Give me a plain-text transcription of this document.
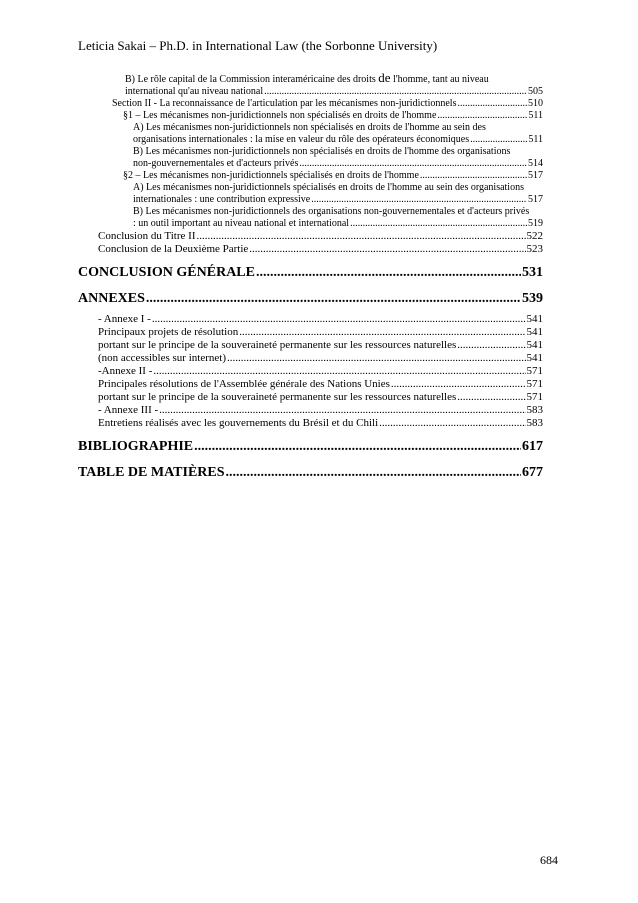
Leticia Sakai – Ph.D. in International Law (the Sorbonne University)
B) Le rôle capital de la Commission interaméricaine des droits de l'homme, tant au niveau
international qu'au niveau national .....	505
Section II - La reconnaissance de l'articulation par les mécanismes non-juridictionnels .....	510
§1 – Les mécanismes non-juridictionnels non spécialisés en droits de l'homme .....	511
A) Les mécanismes non-juridictionnels non spécialisés en droits de l'homme au sein des
organisations internationales : la mise en valeur du rôle des opérateurs économiques .....	511
B) Les mécanismes non-juridictionnels non spécialisés en droits de l'homme des organisations
non-gouvernementales et d'acteurs privés .....	514
§2 – Les mécanismes non-juridictionnels spécialisés en droits de l'homme .....	517
A) Les mécanismes non-juridictionnels spécialisés en droits de l'homme au sein des organisations
internationales : une contribution expressive .....	517
B) Les mécanismes non-juridictionnels des organisations non-gouvernementales et d'acteurs privés
: un outil important au niveau national et international .....	519
Conclusion du Titre II .....	522
Conclusion de la Deuxième Partie .....	523
CONCLUSION GÉNÉRALE .....	531
ANNEXES .....	539
- Annexe I - .....	541
Principaux projets de résolution .....	541
portant sur le principe de la souveraineté permanente sur les ressources naturelles .....	541
(non accessibles sur internet) .....	541
-Annexe II - .....	571
Principales résolutions de l'Assemblée générale des Nations Unies .....	571
portant sur le principe de la souveraineté permanente sur les ressources naturelles .....	571
- Annexe III - .....	583
Entretiens réalisés avec les gouvernements du Brésil et du Chili .....	583
BIBLIOGRAPHIE .....	617
TABLE DE MATIÈRES .....	677
684
